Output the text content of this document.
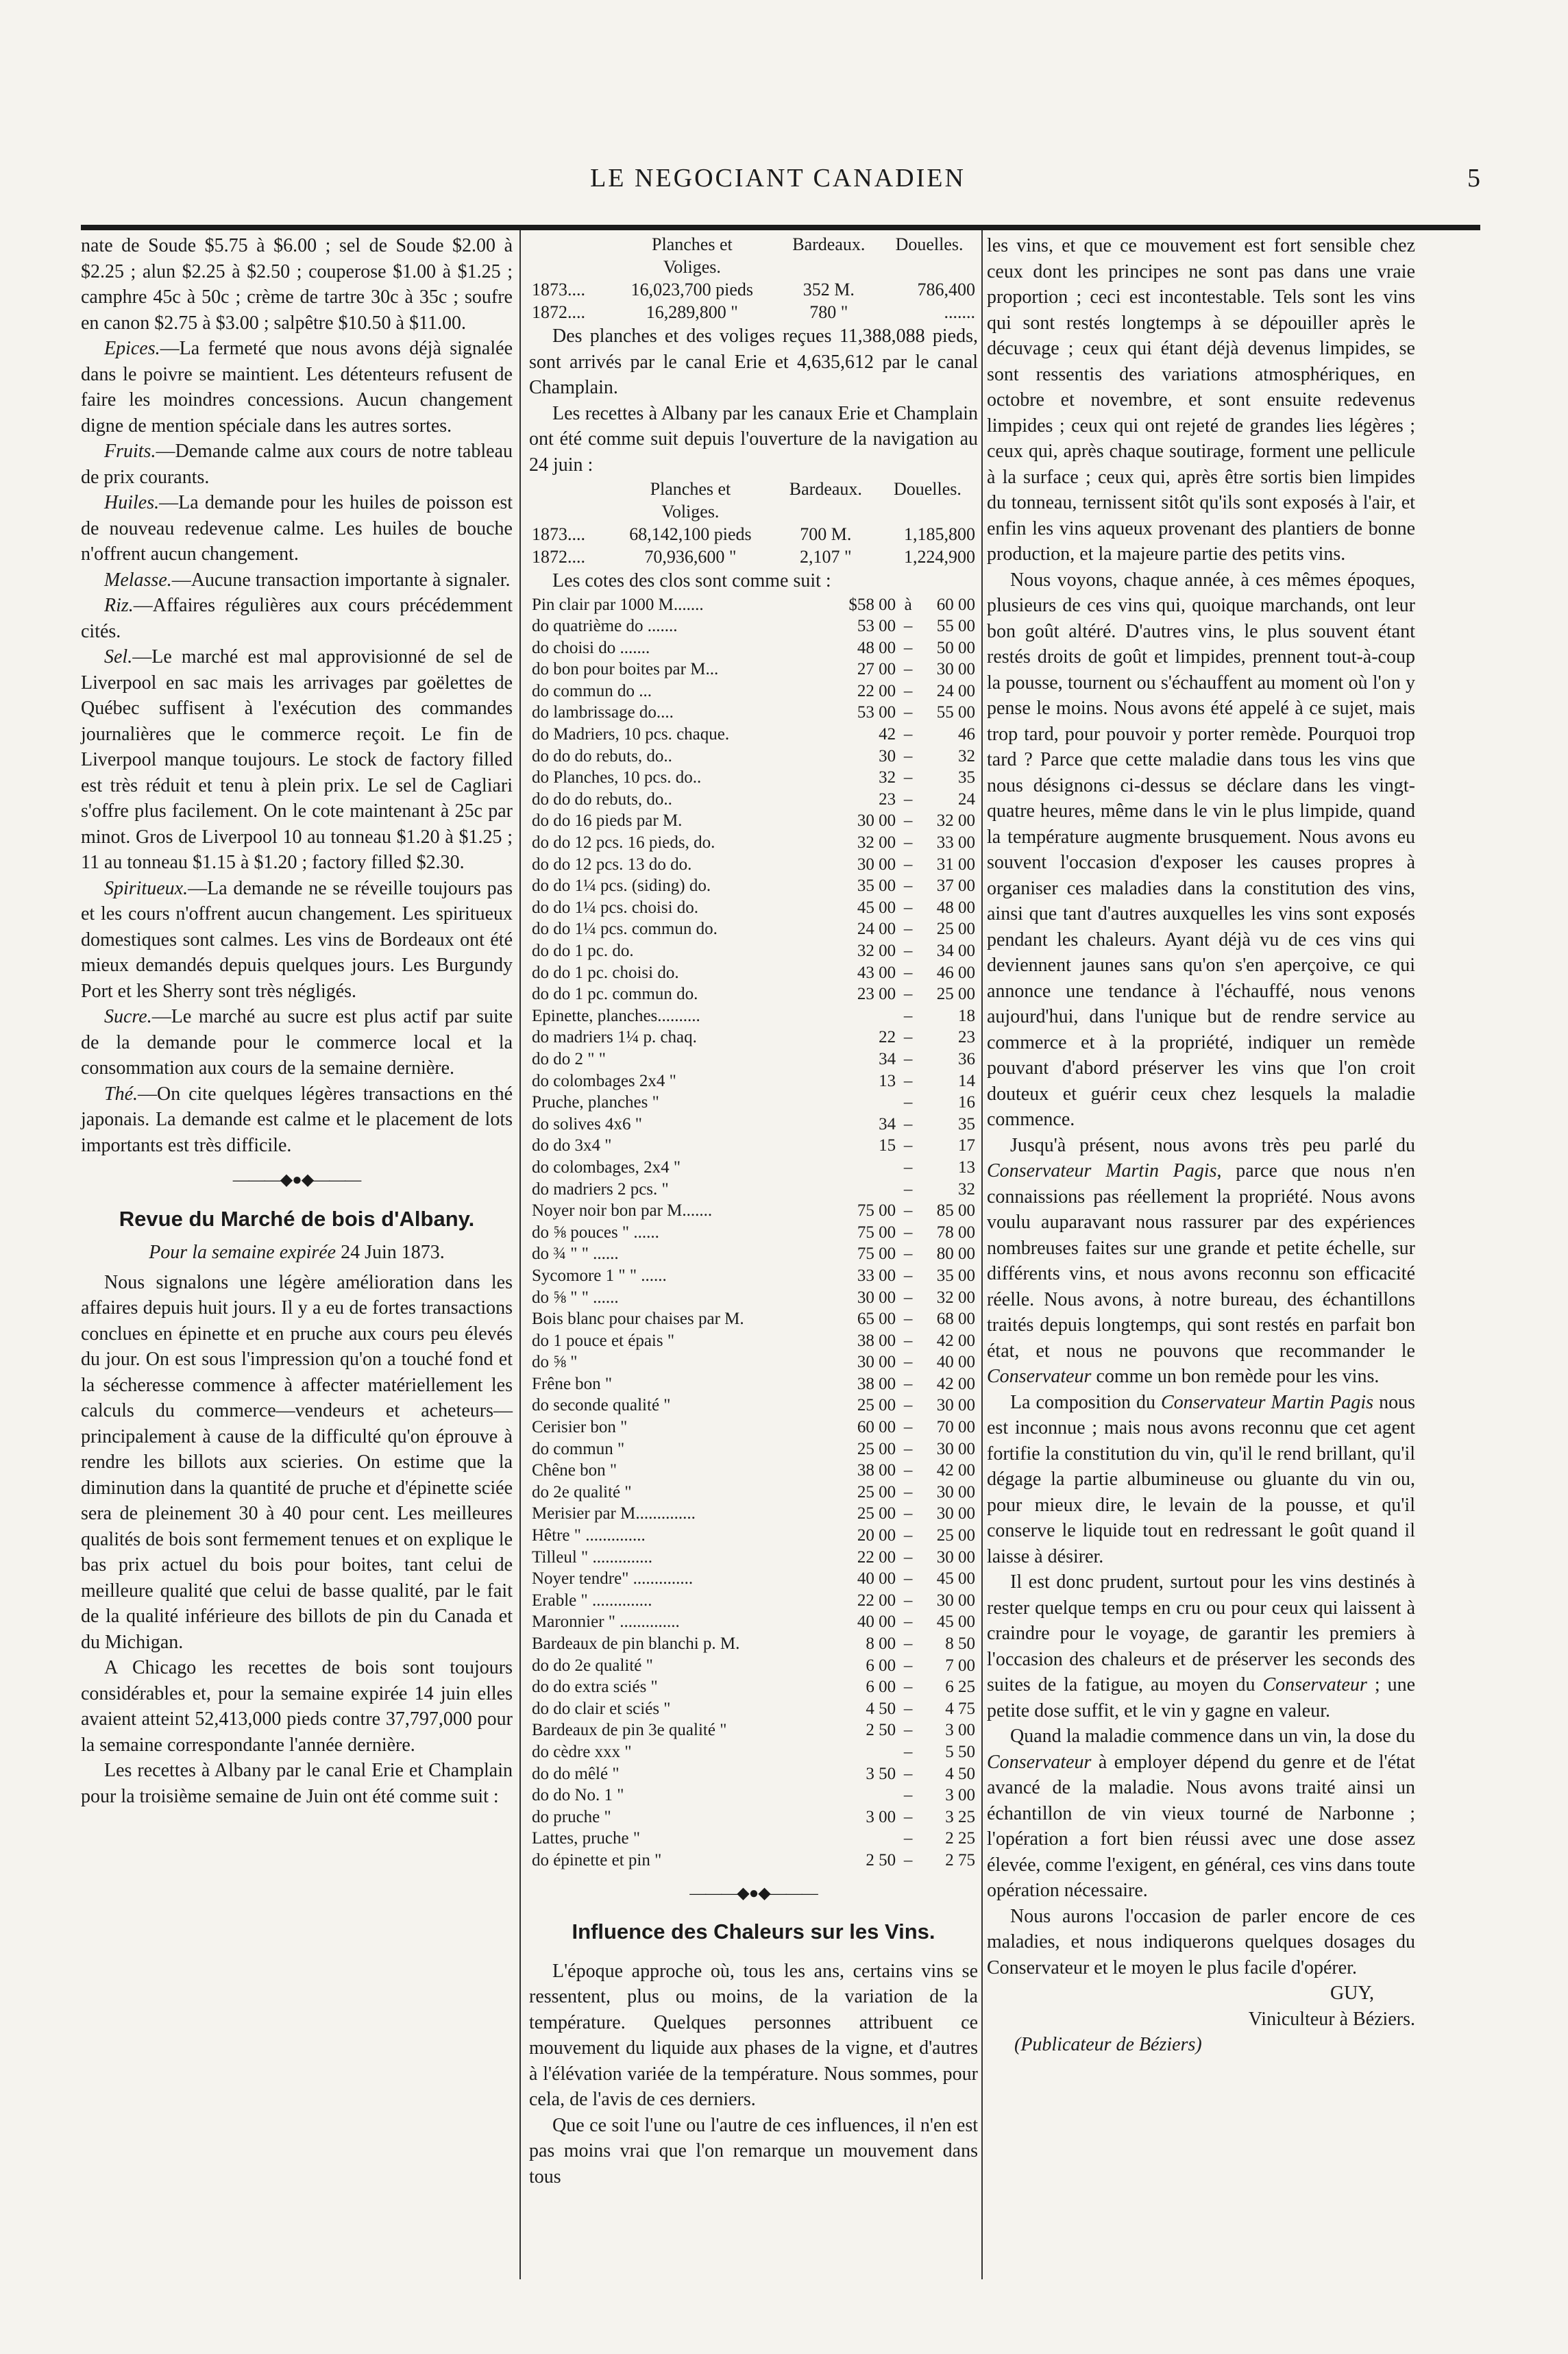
LE NEGOCIANT CANADIEN	5

nate de Soude $5.75 à $6.00 ; sel de Soude $2.00 à $2.25 ; alun $2.25 à $2.50 ; couperose $1.00 à $1.25 ; camphre 45c à 50c ; crème de tartre 30c à 35c ; soufre en canon $2.75 à $3.00 ; salpêtre $10.50 à $11.00.

Epices.—La fermeté que nous avons déjà signalée dans le poivre se maintient. Les détenteurs refusent de faire les moindres concessions. Aucun changement digne de mention spéciale dans les autres sortes.

Fruits.—Demande calme aux cours de notre tableau de prix courants.

Huiles.—La demande pour les huiles de poisson est de nouveau redevenue calme. Les huiles de bouche n'offrent aucun changement.

Melasse.—Aucune transaction importante à signaler.

Riz.—Affaires régulières aux cours précédemment cités.

Sel.—Le marché est mal approvisionné de sel de Liverpool en sac mais les arrivages par goëlettes de Québec suffisent à l'exécution des commandes journalières que le commerce reçoit. Le fin de Liverpool manque toujours. Le stock de factory filled est très réduit et tenu à plein prix. Le sel de Cagliari s'offre plus facilement. On le cote maintenant à 25c par minot. Gros de Liverpool 10 au tonneau $1.20 à $1.25 ; 11 au tonneau $1.15 à $1.20 ; factory filled $2.30.

Spiritueux.—La demande ne se réveille toujours pas et les cours n'offrent aucun changement. Les spiritueux domestiques sont calmes. Les vins de Bordeaux ont été mieux demandés depuis quelques jours. Les Burgundy Port et les Sherry sont très négligés.

Sucre.—Le marché au sucre est plus actif par suite de la demande pour le commerce local et la consommation aux cours de la semaine dernière.

Thé.—On cite quelques légères transactions en thé japonais. La demande est calme et le placement de lots importants est très difficile.

———◆●◆———
Revue du Marché de bois d'Albany.
Pour la semaine expirée 24 Juin 1873.

Nous signalons une légère amélioration dans les affaires depuis huit jours. Il y a eu de fortes transactions conclues en épinette et en pruche aux cours peu élevés du jour. On est sous l'impression qu'on a touché fond et la sécheresse commence à affecter matériellement les calculs du commerce—vendeurs et acheteurs—principalement à cause de la difficulté qu'on éprouve à rendre les billots aux scieries. On estime que la diminution dans la quantité de pruche et d'épinette sciée sera de pleinement 30 à 40 pour cent. Les meilleures qualités de bois sont fermement tenues et on explique le bas prix actuel du bois pour boites, tant celui de meilleure qualité que celui de basse qualité, par le fait de la qualité inférieure des billots de pin du Canada et du Michigan.

A Chicago les recettes de bois sont toujours considérables et, pour la semaine expirée 14 juin elles avaient atteint 52,413,000 pieds contre 37,797,000 pour la semaine correspondante l'année dernière.

Les recettes à Albany par le canal Erie et Champlain pour la troisième semaine de Juin ont été comme suit :

	Planches et	Bardeaux.	Douelles.
	Voliges.		
1873....	16,023,700 pieds	352 M.	786,400
1872....	16,289,800 "	780 "	.......

Des planches et des voliges reçues 11,388,088 pieds, sont arrivés par le canal Erie et 4,635,612 par le canal Champlain.

Les recettes à Albany par les canaux Erie et Champlain ont été comme suit depuis l'ouverture de la navigation au 24 juin :

	Planches et	Bardeaux.	Douelles.
	Voliges.		
1873....	68,142,100 pieds	700 M.	1,185,800
1872....	70,936,600 "	2,107 "	1,224,900

Les cotes des clos sont comme suit :

Pin clair par 1000 M.......	$58 00	à	60 00
do quatrième do .......	53 00	–	55 00
do choisi do .......	48 00	–	50 00
do bon pour boites par M...	27 00	–	30 00
do commun do ...	22 00	–	24 00
do lambrissage do....	53 00	–	55 00
do Madriers, 10 pcs. chaque.	42	–	46
do do do rebuts, do..	30	–	32
do Planches, 10 pcs. do..	32	–	35
do do do rebuts, do..	23	–	24
do do 16 pieds par M.	30 00	–	32 00
do do 12 pcs. 16 pieds, do.	32 00	–	33 00
do do 12 pcs. 13 do do.	30 00	–	31 00
do do 1¼ pcs. (siding) do.	35 00	–	37 00
do do 1¼ pcs. choisi do.	45 00	–	48 00
do do 1¼ pcs. commun do.	24 00	–	25 00
do do 1 pc. do.	32 00	–	34 00
do do 1 pc. choisi do.	43 00	–	46 00
do do 1 pc. commun do.	23 00	–	25 00
Epinette, planches..........		–	18
do madriers 1¼ p. chaq.	22	–	23
do do 2 " "	34	–	36
do colombages 2x4 "	13	–	14
Pruche, planches "		–	16
do solives 4x6 "	34	–	35
do do 3x4 "	15	–	17
do colombages, 2x4 "		–	13
do madriers 2 pcs. "		–	32
Noyer noir bon par M.......	75 00	–	85 00
do ⅝ pouces " ......	75 00	–	78 00
do ¾ " " ......	75 00	–	80 00
Sycomore 1 " " ......	33 00	–	35 00
do ⅝ " " ......	30 00	–	32 00
Bois blanc pour chaises par M.	65 00	–	68 00
do 1 pouce et épais "	38 00	–	42 00
do ⅝ "	30 00	–	40 00
Frêne bon "	38 00	–	42 00
do seconde qualité "	25 00	–	30 00
Cerisier bon "	60 00	–	70 00
do commun "	25 00	–	30 00
Chêne bon "	38 00	–	42 00
do 2e qualité "	25 00	–	30 00
Merisier par M..............	25 00	–	30 00
Hêtre " ..............	20 00	–	25 00
Tilleul " ..............	22 00	–	30 00
Noyer tendre" ..............	40 00	–	45 00
Erable " ..............	22 00	–	30 00
Maronnier " ..............	40 00	–	45 00
Bardeaux de pin blanchi p. M.	8 00	–	8 50
do do 2e qualité "	6 00	–	7 00
do do extra sciés "	6 00	–	6 25
do do clair et sciés "	4 50	–	4 75
Bardeaux de pin 3e qualité "	2 50	–	3 00
do cèdre xxx "		–	5 50
do do mêlé "	3 50	–	4 50
do do No. 1 "		–	3 00
do pruche "	3 00	–	3 25
Lattes, pruche "		–	2 25
do épinette et pin "	2 50	–	2 75
———◆●◆———
Influence des Chaleurs sur les Vins.

L'époque approche où, tous les ans, certains vins se ressentent, plus ou moins, de la variation de la température. Quelques personnes attribuent ce mouvement du liquide aux phases de la vigne, et d'autres à l'élévation variée de la température. Nous sommes, pour cela, de l'avis de ces derniers.

Que ce soit l'une ou l'autre de ces influences, il n'en est pas moins vrai que l'on remarque un mouvement dans tous

les vins, et que ce mouvement est fort sensible chez ceux dont les principes ne sont pas dans une vraie proportion ; ceci est incontestable. Tels sont les vins qui sont restés longtemps à se dépouiller après le décuvage ; ceux qui étant déjà devenus limpides, se sont ressentis des variations atmosphériques, en octobre et novembre, et sont ensuite redevenus limpides ; ceux qui ont rejeté de grandes lies légères ; ceux qui, après chaque soutirage, forment une pellicule à la surface ; ceux qui, après être sortis bien limpides du tonneau, ternissent sitôt qu'ils sont exposés à l'air, et enfin les vins aqueux provenant des plantiers de bonne production, et la majeure partie des petits vins.

Nous voyons, chaque année, à ces mêmes époques, plusieurs de ces vins qui, quoique marchands, ont leur bon goût altéré. D'autres vins, le plus souvent étant restés droits de goût et limpides, prennent tout-à-coup la pousse, tournent ou s'échauffent au moment où l'on y pense le moins. Nous avons été appelé à ce sujet, mais trop tard, pour pouvoir y porter remède. Pourquoi trop tard ? Parce que cette maladie dans tous les vins que nous désignons ci-dessus se déclare dans les vingt-quatre heures, même dans le vin le plus limpide, quand la température augmente brusquement. Nous avons eu souvent l'occasion d'exposer les causes propres à organiser ces maladies dans la constitution des vins, ainsi que tant d'autres auxquelles les vins sont exposés pendant les chaleurs. Ayant déjà vu de ces vins qui deviennent jaunes sans qu'on s'en aperçoive, ce qui annonce une tendance à l'échauffé, nous venons aujourd'hui, dans l'unique but de rendre service au commerce et à la propriété, indiquer un remède pouvant d'abord préserver les vins que l'on croit douteux et guérir ceux chez lesquels la maladie commence.

Jusqu'à présent, nous avons très peu parlé du Conservateur Martin Pagis, parce que nous n'en connaissions pas réellement la propriété. Nous avons voulu auparavant nous rassurer par des expériences nombreuses faites sur une grande et petite échelle, sur différents vins, et nous avons reconnu son efficacité réelle. Nous avons, à notre bureau, des échantillons traités depuis longtemps, qui sont restés en parfait bon état, et nous ne pouvons que recommander le Conservateur comme un bon remède pour les vins.

La composition du Conservateur Martin Pagis nous est inconnue ; mais nous avons reconnu que cet agent fortifie la constitution du vin, qu'il le rend brillant, qu'il dégage la partie albumineuse ou gluante du vin ou, pour mieux dire, le levain de la pousse, et qu'il conserve le liquide tout en redressant le goût quand il laisse à désirer.

Il est donc prudent, surtout pour les vins destinés à rester quelque temps en cru ou pour ceux qui laissent à craindre pour le voyage, de garantir les premiers à l'occasion des chaleurs et de préserver les seconds des suites de la fatigue, au moyen du Conservateur ; une petite dose suffit, et le vin y gagne en valeur.

Quand la maladie commence dans un vin, la dose du Conservateur à employer dépend du genre et de l'état avancé de la maladie. Nous avons traité ainsi un échantillon de vin vieux tourné de Narbonne ; l'opération a fort bien réussi avec une dose assez élevée, comme l'exigent, en général, ces vins dans toute opération nécessaire.

Nous aurons l'occasion de parler encore de ces maladies, et nous indiquerons quelques dosages du Conservateur et le moyen le plus facile d'opérer.

GUY,
Viniculteur à Béziers.
(Publicateur de Béziers)
